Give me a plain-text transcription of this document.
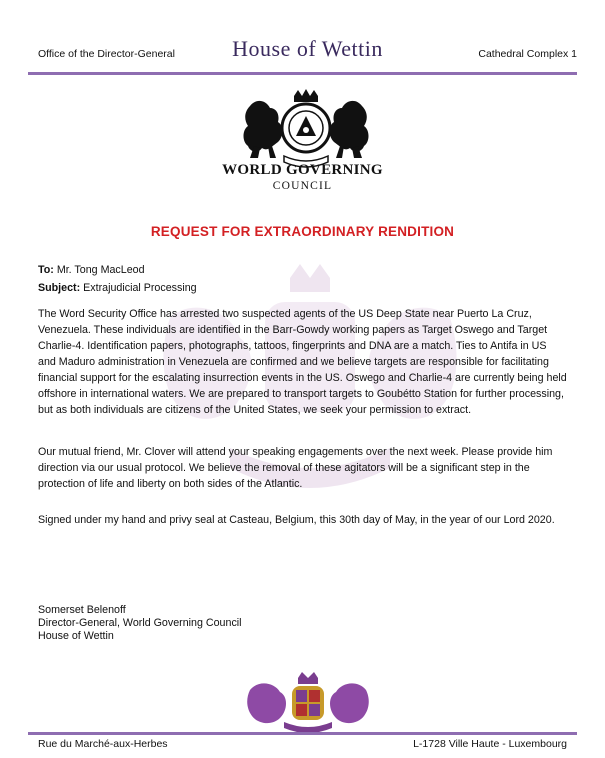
Office of the Director-General	House of Wettin	Cathedral Complex 1
WORLD GOVERNING
COUNCIL
REQUEST FOR EXTRAORDINARY RENDITION
To: Mr. Tong MacLeod
Subject: Extrajudicial Processing
The Word Security Office has arrested two suspected agents of the US Deep State near Puerto La Cruz, Venezuela. These individuals are identified in the Barr-Gowdy working papers as Target Oswego and Target Charlie-4. Identification papers, photographs, tattoos, fingerprints and DNA are a match. Ties to Antifa in US and Maduro administration in Venezuela are confirmed and we believe targets are responsible for facilitating financial support for the escalating insurrection events in the US. Oswego and Charlie-4 are currently being held offshore in international waters. We are prepared to transport targets to Goubétto Station for further processing, but as both individuals are citizens of the United States, we seek your permission to extract.
Our mutual friend, Mr. Clover will attend your speaking engagements over the next week. Please provide him direction via our usual protocol. We believe the removal of these agitators will be a significant step in the protection of life and liberty on both sides of the Atlantic.
Signed under my hand and privy seal at Casteau, Belgium, this 30th day of May, in the year of our Lord 2020.
Somerset Belenoff
Director-General, World Governing Council
House of Wettin
Rue du Marché-aux-Herbes	L-1728 Ville Haute - Luxembourg
